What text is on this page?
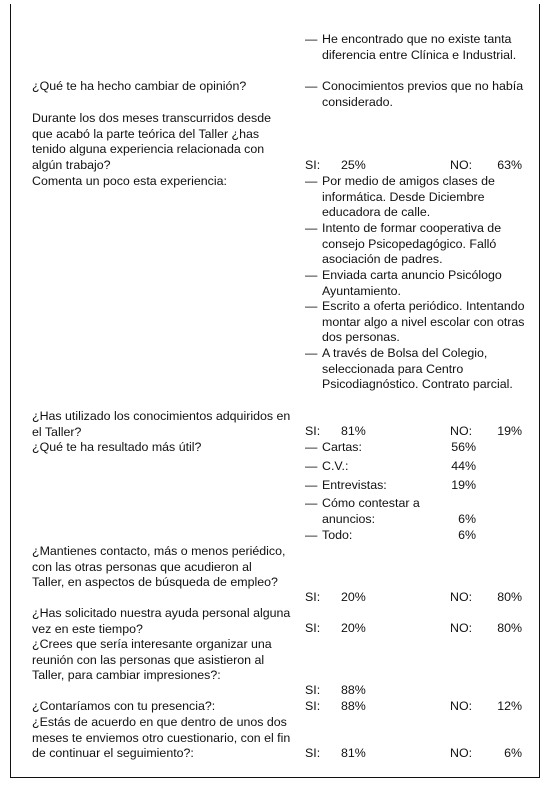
— He encontrado que no existe tanta diferencia entre Clínica e Industrial.
¿Qué te ha hecho cambiar de opinión?	— Conocimientos previos que no había considerado.
Durante los dos meses transcurridos desde que acabó la parte teórica del Taller ¿has tenido alguna experiencia relacionada con algún trabajo?	SI: 25%	NO:	63%
Comenta un poco esta experiencia:	— Por medio de amigos clases de informática. Desde Diciembre educadora de calle.
— Intento de formar cooperativa de consejo Psicopedagógico. Falló asociación de padres.
— Enviada carta anuncio Psicólogo Ayuntamiento.
— Escrito a oferta periódico. Intentando montar algo a nivel escolar con otras dos personas.
— A través de Bolsa del Colegio, seleccionada para Centro Psicodiagnóstico. Contrato parcial.
¿Has utilizado los conocimientos adquiridos en el Taller?	SI: 81%	NO:	19%
¿Qué te ha resultado más útil?	— Cartas:	56%
— C.V.:	44%
— Entrevistas:	19%
— Cómo contestar a anuncios:	6%
— Todo:	6%
¿Mantienes contacto, más o menos periédico, con las otras personas que acudieron al Taller, en aspectos de búsqueda de empleo?
SI: 20%	NO:	80%
¿Has solicitado nuestra ayuda personal alguna vez en este tiempo?	SI: 20%	NO:	80%
¿Crees que sería interesante organizar una reunión con las personas que asistieron al Taller, para cambiar impresiones?:
SI: 88%
¿Contaríamos con tu presencia?:	SI: 88%	NO:	12%
¿Estás de acuerdo en que dentro de unos dos meses te enviemos otro cuestionario, con el fin de continuar el seguimiento?:	SI: 81%	NO:	6%
